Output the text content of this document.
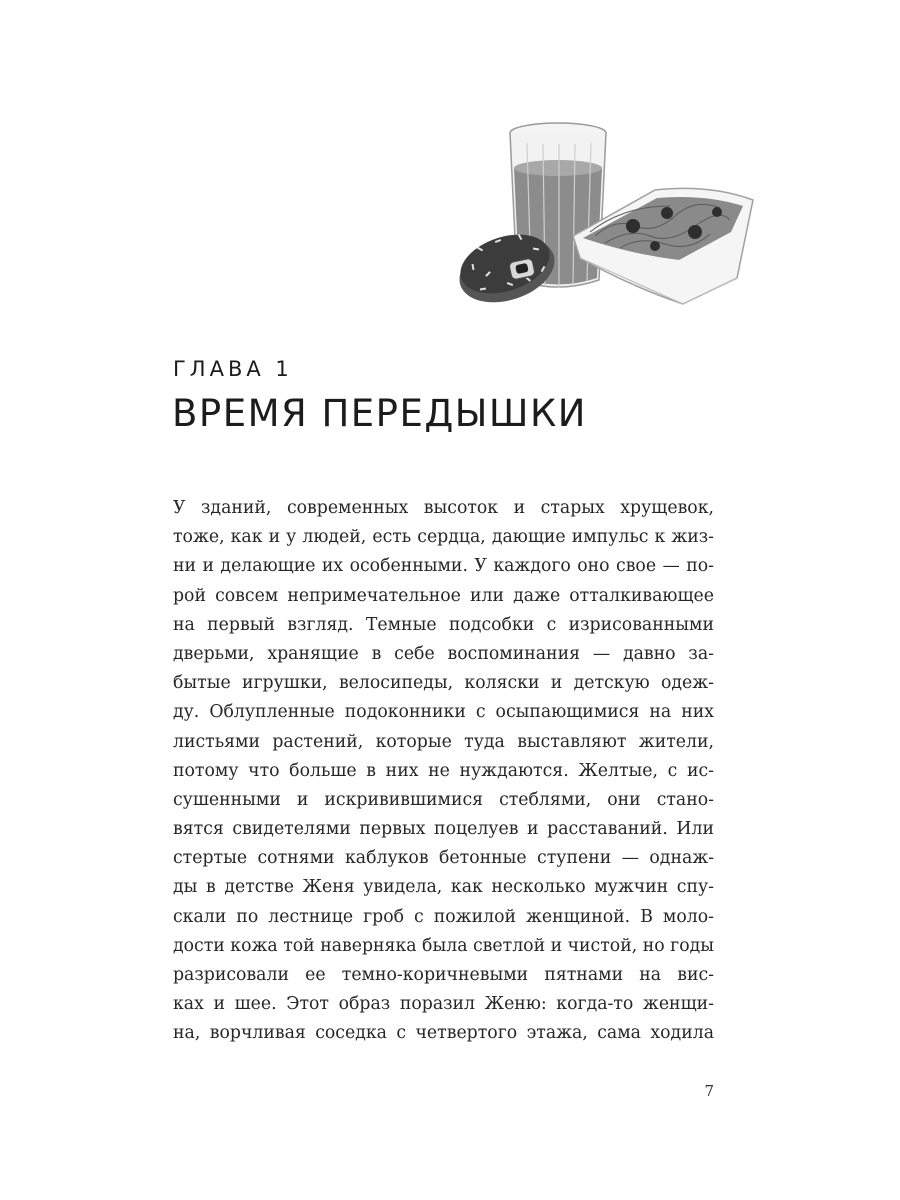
ГЛАВА 1
ВРЕМЯ ПЕРЕДЫШКИ
У зданий, современных высоток и старых хрущевок,
тоже, как и у людей, есть сердца, дающие импульс к жиз-
ни и делающие их особенными. У каждого оно свое — по-
рой совсем непримечательное или даже отталкивающее
на первый взгляд. Темные подсобки с изрисованными
дверьми, хранящие в себе воспоминания — давно за-
бытые игрушки, велосипеды, коляски и детскую одеж-
ду. Облупленные подоконники с осыпающимися на них
листьями растений, которые туда выставляют жители,
потому что больше в них не нуждаются. Желтые, с ис-
сушенными и искривившимися стеблями, они стано-
вятся свидетелями первых поцелуев и расставаний. Или
стертые сотнями каблуков бетонные ступени — однаж-
ды в детстве Женя увидела, как несколько мужчин спу-
скали по лестнице гроб с пожилой женщиной. В моло-
дости кожа той наверняка была светлой и чистой, но годы
разрисовали ее темно-коричневыми пятнами на вис-
ках и шее. Этот образ поразил Женю: когда-то женщи-
на, ворчливая соседка с четвертого этажа, сама ходила
7
